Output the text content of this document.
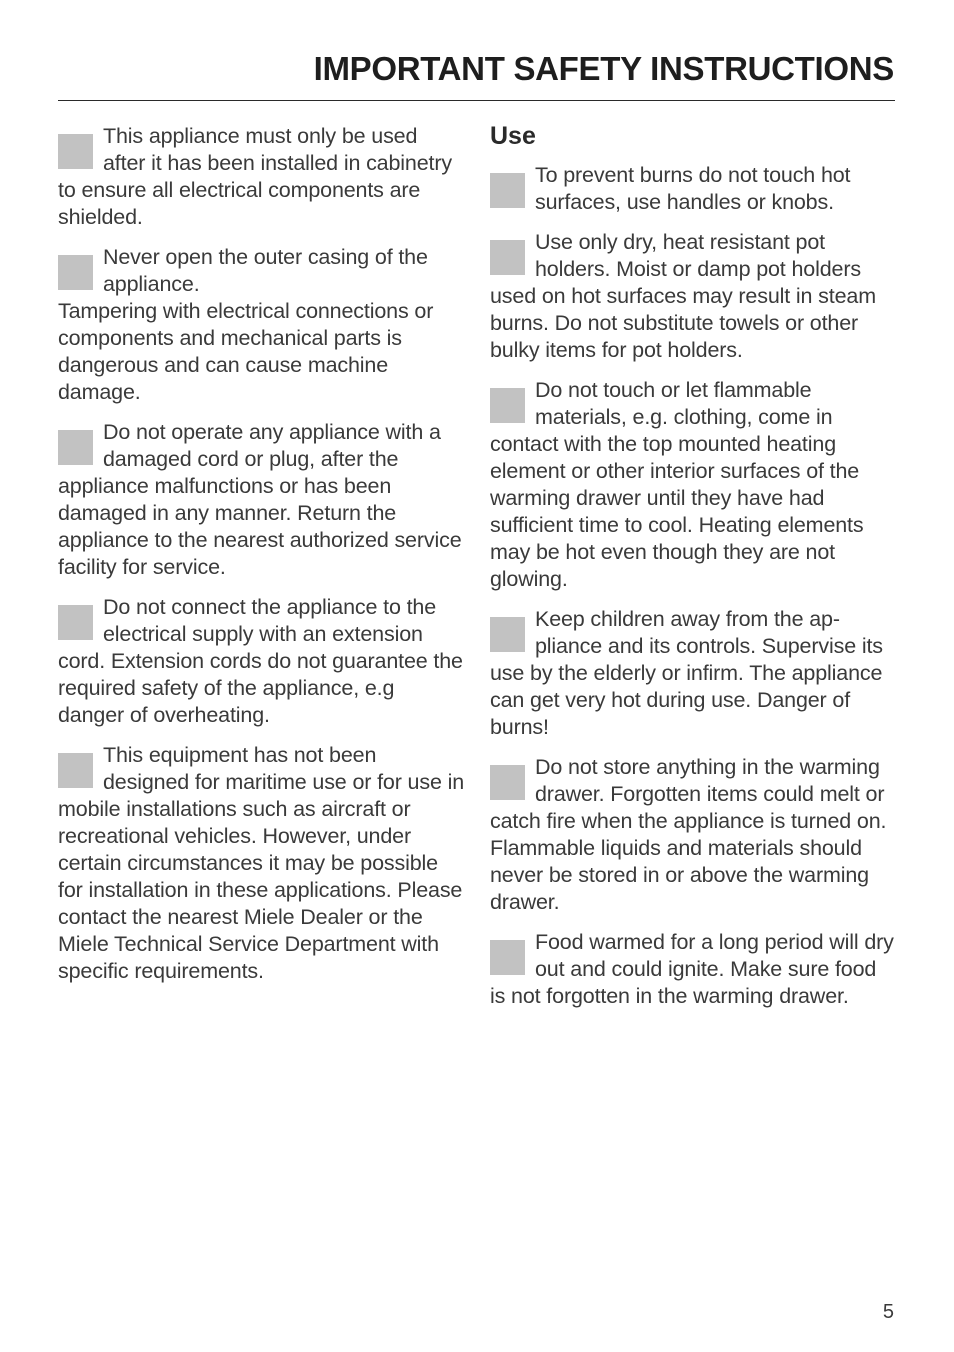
IMPORTANT SAFETY INSTRUCTIONS

This appliance must only be used after it has been installed in cabinetry to ensure all electrical components are shielded.

Never open the outer casing of the appliance.
Tampering with electrical connections or components and mechanical parts is dangerous and can cause machine damage.

Do not operate any appliance with a damaged cord or plug, after the appliance malfunctions or has been damaged in any manner. Return the appliance to the nearest authorized service facility for service.

Do not connect the appliance to the electrical supply with an extension cord. Extension cords do not guarantee the required safety of the appliance, e.g danger of overheating.

This equipment has not been designed for maritime use or for use in mobile installations such as aircraft or recreational vehicles. However, under certain circumstances it may be possible for installation in these applications. Please contact the nearest Miele Dealer or the Miele Technical Service Department with specific requirements.

Use

To prevent burns do not touch hot surfaces, use handles or knobs.

Use only dry, heat resistant pot holders. Moist or damp pot holders used on hot surfaces may result in steam burns. Do not substitute towels or other bulky items for pot holders.

Do not touch or let flammable materials, e.g. clothing, come in contact with the top mounted heating element or other interior surfaces of the warming drawer until they have had sufficient time to cool. Heating elements may be hot even though they are not glowing.

Keep children away from the appliance and its controls. Supervise its use by the elderly or infirm. The appliance can get very hot during use. Danger of burns!

Do not store anything in the warming drawer. Forgotten items could melt or catch fire when the appliance is turned on. Flammable liquids and materials should never be stored in or above the warming drawer.

Food warmed for a long period will dry out and could ignite. Make sure food is not forgotten in the warming drawer.

5
